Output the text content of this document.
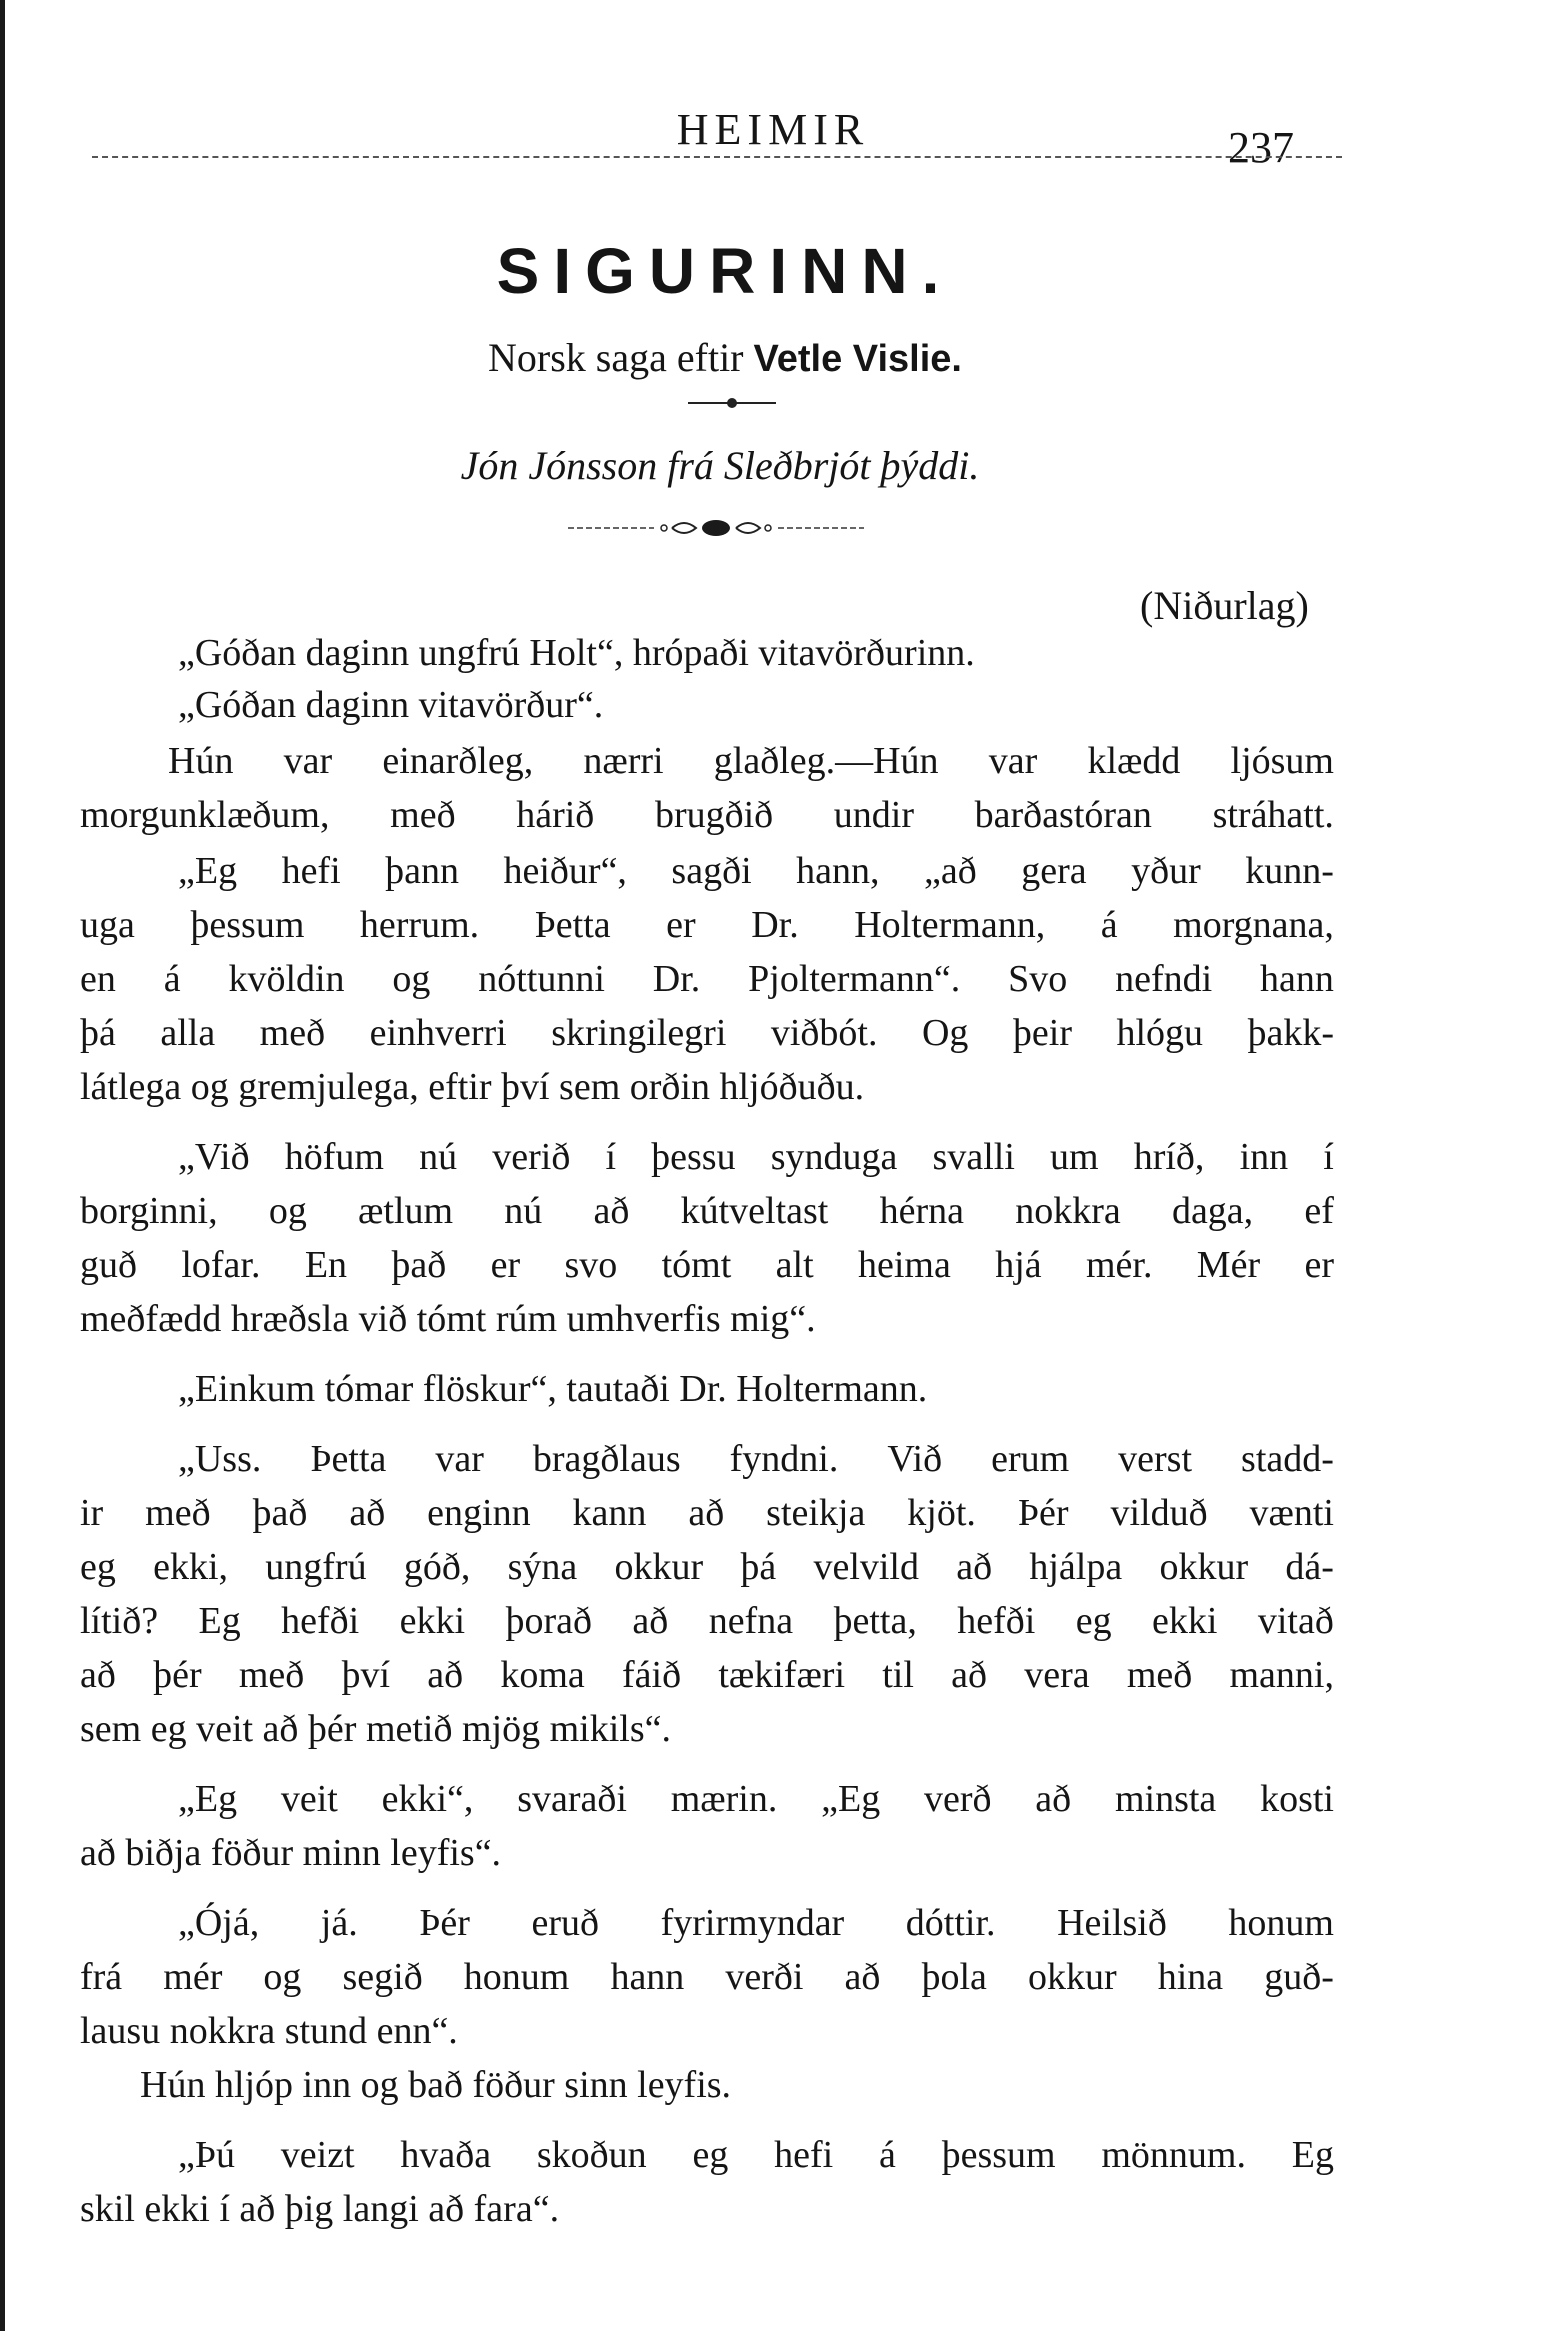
HEIMIR	237
SIGURINN.
Norsk saga eftir Vetle Vislie.
Jón Jónsson frá Sleðbrjót þýddi.
(Niðurlag)
„Góðan daginn ungfrú Holt“, hrópaði vitavörðurinn.
„Góðan daginn vitavörður“.
Hún var einarðleg, nærri glaðleg.—Hún var klædd ljósum
morgunklæðum, með hárið brugðið undir barðastóran stráhatt.
„Eg hefi þann heiður“, sagði hann, „að gera yður kunn-
uga þessum herrum. Þetta er Dr. Holtermann, á morgnana,
en á kvöldin og nóttunni Dr. Pjoltermann“. Svo nefndi hann
þá alla með einhverri skringilegri viðbót. Og þeir hlógu þakk-
látlega og gremjulega, eftir því sem orðin hljóðuðu.
„Við höfum nú verið í þessu synduga svalli um hríð, inn í
borginni, og ætlum nú að kútveltast hérna nokkra daga, ef
guð lofar. En það er svo tómt alt heima hjá mér. Mér er
meðfædd hræðsla við tómt rúm umhverfis mig“.
„Einkum tómar flöskur“, tautaði Dr. Holtermann.
„Uss. Þetta var bragðlaus fyndni. Við erum verst stadd-
ir með það að enginn kann að steikja kjöt. Þér vilduð vænti
eg ekki, ungfrú góð, sýna okkur þá velvild að hjálpa okkur dá-
lítið? Eg hefði ekki þorað að nefna þetta, hefði eg ekki vitað
að þér með því að koma fáið tækifæri til að vera með manni,
sem eg veit að þér metið mjög mikils“.
„Eg veit ekki“, svaraði mærin. „Eg verð að minsta kosti
að biðja föður minn leyfis“.
„Ójá, já. Þér eruð fyrirmyndar dóttir. Heilsið honum
frá mér og segið honum hann verði að þola okkur hina guð-
lausu nokkra stund enn“.
Hún hljóp inn og bað föður sinn leyfis.
„Þú veizt hvaða skoðun eg hefi á þessum mönnum. Eg
skil ekki í að þig langi að fara“.
